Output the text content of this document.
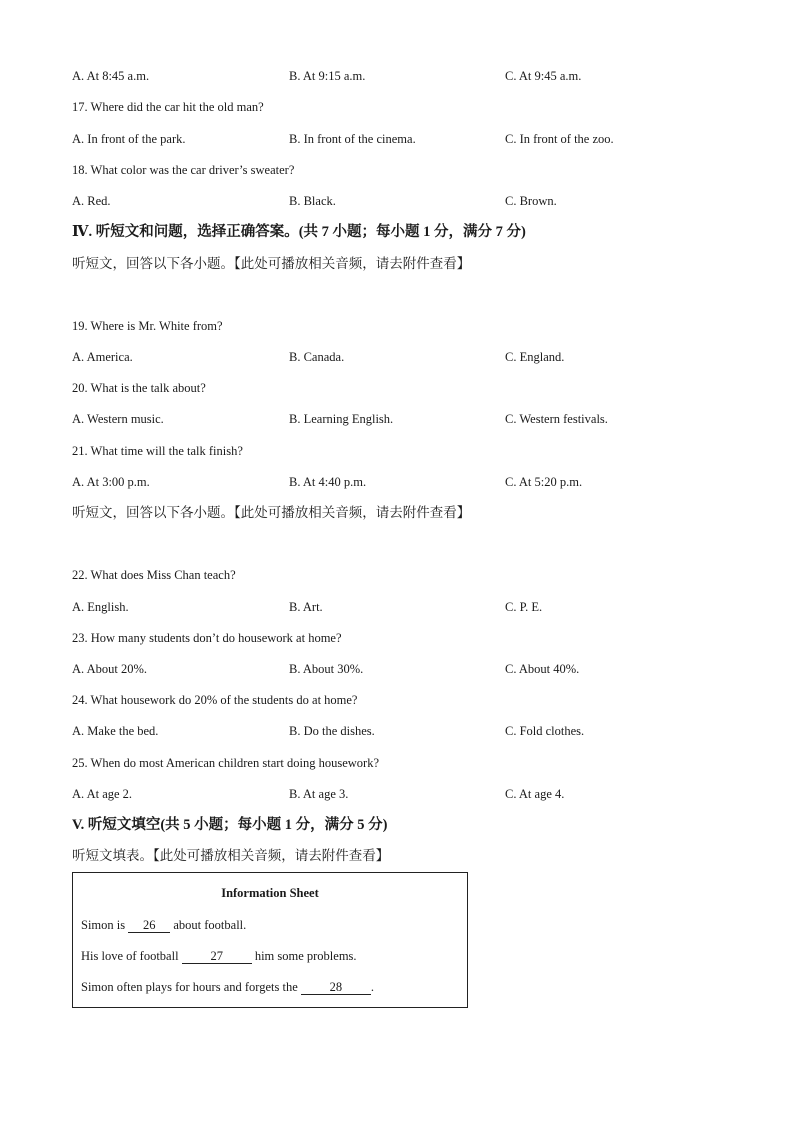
A. At 8:45 a.m.	B. At 9:15 a.m.	C. At 9:45 a.m.
17. Where did the car hit the old man?
A. In front of the park.	B. In front of the cinema.	C. In front of the zoo.
18. What color was the car driver’s sweater?
A. Red.	B. Black.	C. Brown.
Ⅳ. 听短文和问题，选择正确答案。(共 7 小题；每小题 1 分，满分 7 分)
听短文，回答以下各小题。【此处可播放相关音频，请去附件查看】
19. Where is Mr. White from?
A. America.	B. Canada.	C. England.
20. What is the talk about?
A. Western music.	B. Learning English.	C. Western festivals.
21. What time will the talk finish?
A. At 3:00 p.m.	B. At 4:40 p.m.	C. At 5:20 p.m.
听短文，回答以下各小题。【此处可播放相关音频，请去附件查看】
22. What does Miss Chan teach?
A. English.	B. Art.	C. P. E.
23. How many students don’t do housework at home?
A. About 20%.	B. About 30%.	C. About 40%.
24. What housework do 20% of the students do at home?
A. Make the bed.	B. Do the dishes.	C. Fold clothes.
25. When do most American children start doing housework?
A. At age 2.	B. At age 3.	C. At age 4.
V. 听短文填空(共 5 小题；每小题 1 分，满分 5 分)
听短文填表。【此处可播放相关音频，请去附件查看】
Information Sheet
Simon is 26 about football.
His love of football 27 him some problems.
Simon often plays for hours and forgets the 28 .
